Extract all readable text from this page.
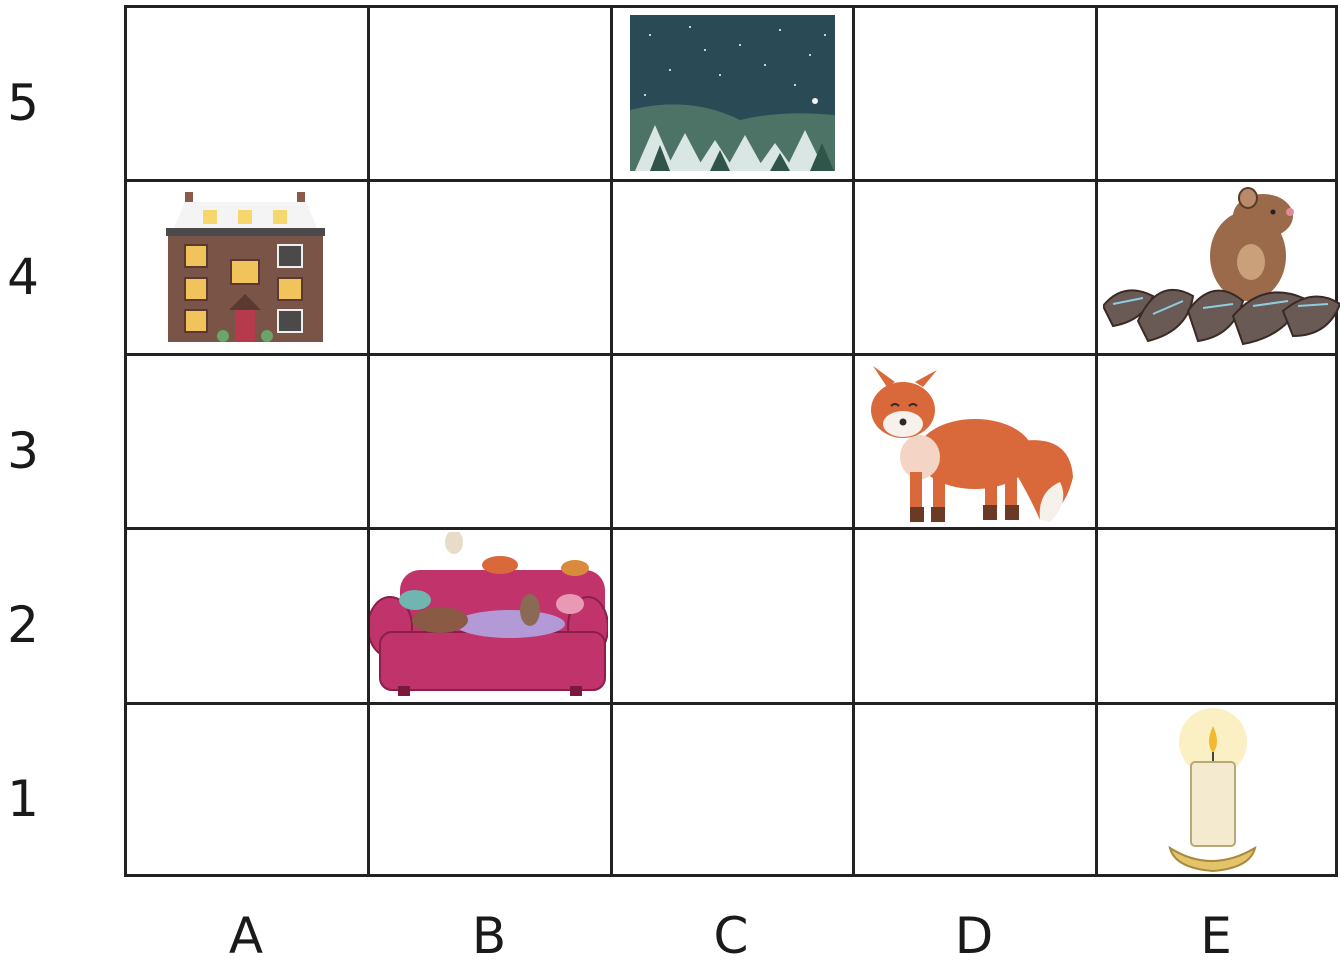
5
4
3
2
1
A	B	C	D	E
